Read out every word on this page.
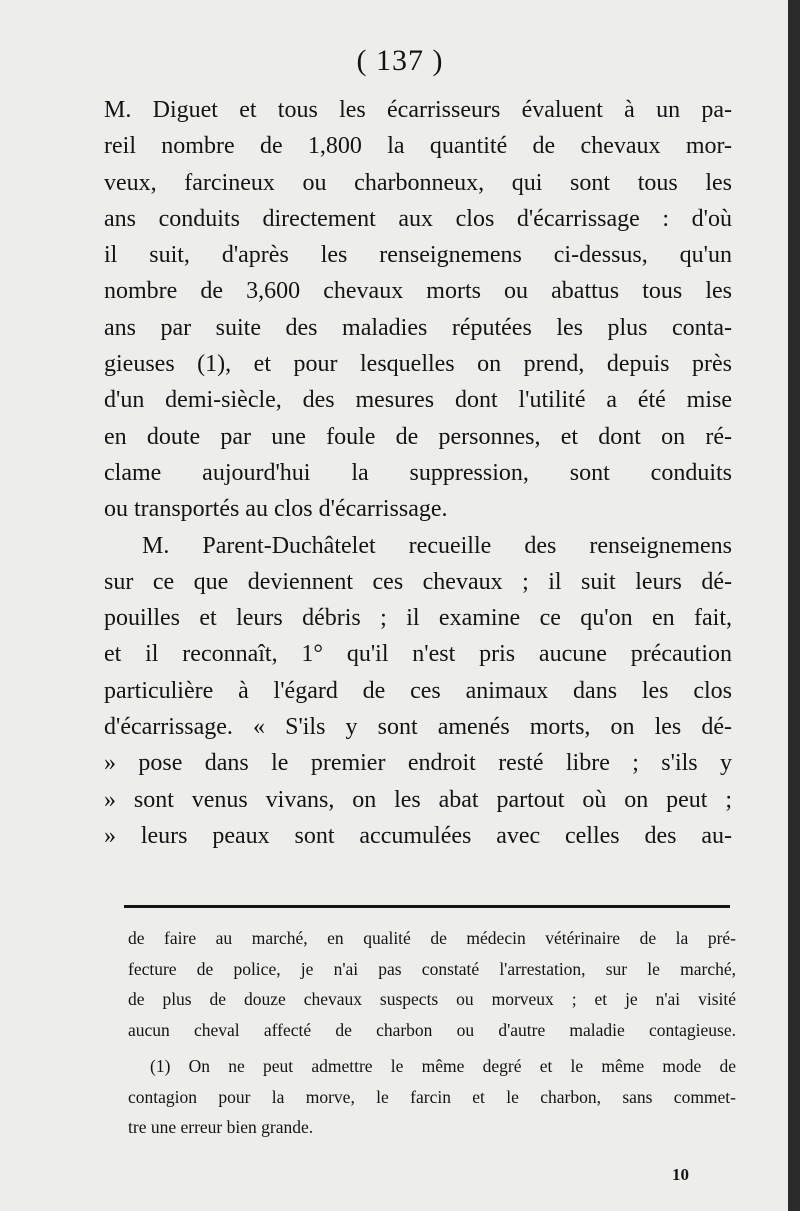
( 137 )
M. Diguet et tous les écarrisseurs évaluent à un pa-
reil nombre de 1,800 la quantité de chevaux mor-
veux, farcineux ou charbonneux, qui sont tous les
ans conduits directement aux clos d'écarrissage : d'où
il suit, d'après les renseignemens ci-dessus, qu'un
nombre de 3,600 chevaux morts ou abattus tous les
ans par suite des maladies réputées les plus conta-
gieuses (1), et pour lesquelles on prend, depuis près
d'un demi-siècle, des mesures dont l'utilité a été mise
en doute par une foule de personnes, et dont on ré-
clame aujourd'hui la suppression, sont conduits
ou transportés au clos d'écarrissage.
M. Parent-Duchâtelet recueille des renseignemens
sur ce que deviennent ces chevaux ; il suit leurs dé-
pouilles et leurs débris ; il examine ce qu'on en fait,
et il reconnaît, 1° qu'il n'est pris aucune précaution
particulière à l'égard de ces animaux dans les clos
d'écarrissage. « S'ils y sont amenés morts, on les dé-
» pose dans le premier endroit resté libre ; s'ils y
» sont venus vivans, on les abat partout où on peut ;
» leurs peaux sont accumulées avec celles des au-
de faire au marché, en qualité de médecin vétérinaire de la pré-
fecture de police, je n'ai pas constaté l'arrestation, sur le marché,
de plus de douze chevaux suspects ou morveux ; et je n'ai visité
aucun cheval affecté de charbon ou d'autre maladie contagieuse.
(1) On ne peut admettre le même degré et le même mode de
contagion pour la morve, le farcin et le charbon, sans commet-
tre une erreur bien grande.
10
